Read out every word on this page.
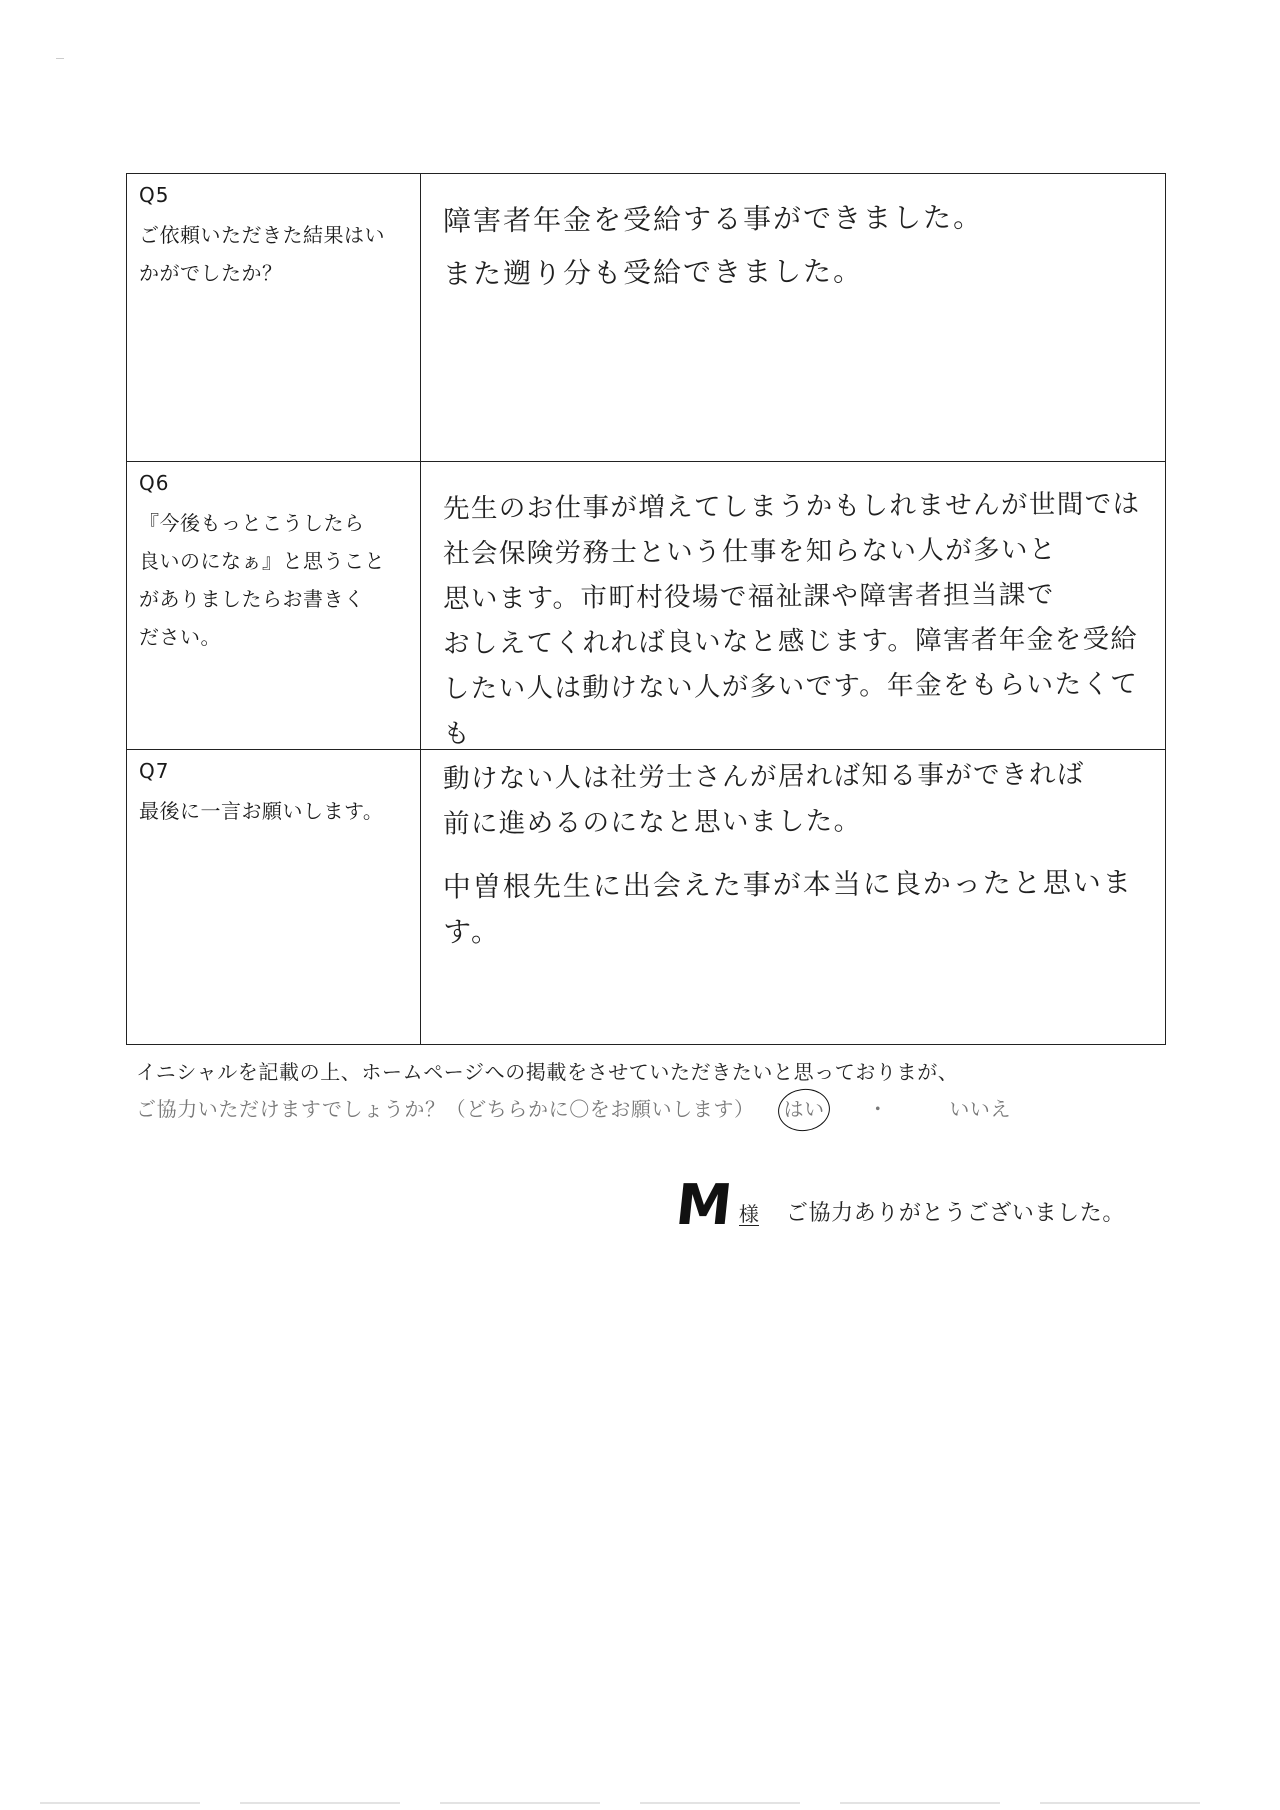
Q5
ご依頼いただきた結果はい
かがでしたか？

障害者年金を受給する事ができました。

また遡り分も受給できました。

Q6
『今後もっとこうしたら
良いのになぁ』と思うこと
がありましたらお書きく
ださい。

先生のお仕事が増えてしまうかもしれませんが世間では

社会保険労務士という仕事を知らない人が多いと

思います。市町村役場で福祉課や障害者担当課で

おしえてくれれば良いなと感じます。障害者年金を受給

したい人は動けない人が多いです。年金をもらいたくても

動けない人は社労士さんが居れば知る事ができれば

前に進めるのになと思いました。

Q7
最後に一言お願いします。

中曽根先生に出会えた事が本当に良かったと思います。

イニシャルを記載の上、ホームページへの掲載をさせていただきたいと思っておりまが、
ご協力いただけますでしょうか？（どちらかに〇をお願いします） はい ・	いいえ
M 様 ご協力ありがとうございました。
